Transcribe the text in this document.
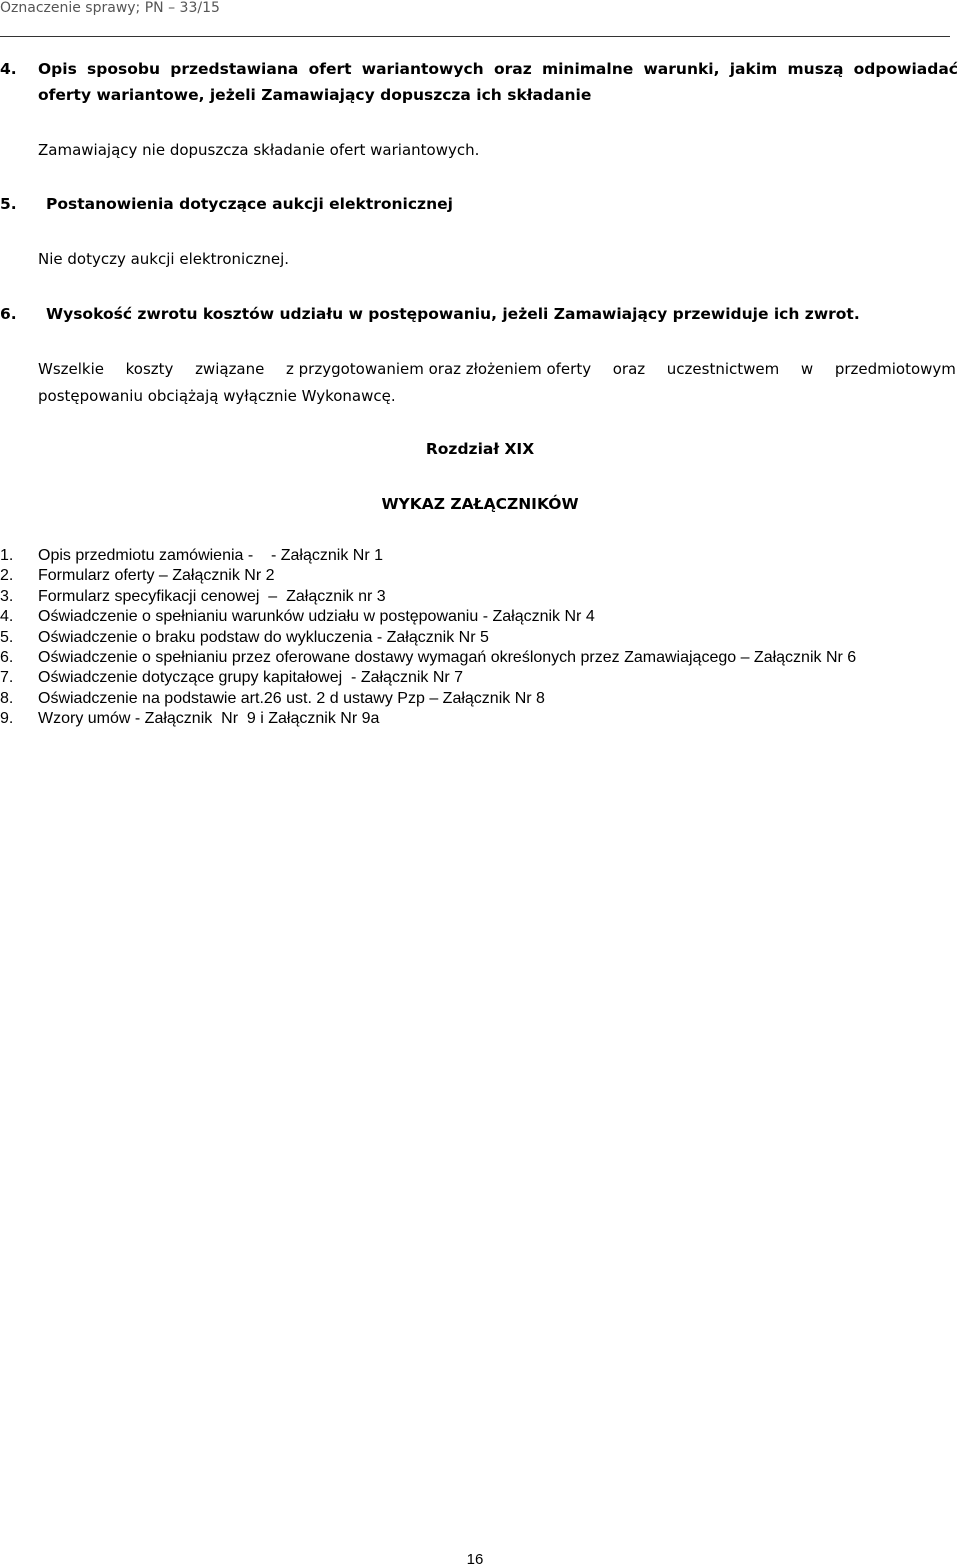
Oznaczenie sprawy; PN – 33/15
4.	Opis sposobu przedstawiana ofert wariantowych oraz minimalne warunki, jakim muszą odpowiadać
oferty wariantowe, jeżeli Zamawiający dopuszcza ich składanie
Zamawiający nie dopuszcza składanie ofert wariantowych.
5. Postanowienia dotyczące aukcji elektronicznej
Nie dotyczy aukcji elektronicznej.
6. Wysokość zwrotu kosztów udziału w postępowaniu, jeżeli Zamawiający przewiduje ich zwrot.
Wszelkie koszty związane z przygotowaniem oraz złożeniem oferty oraz uczestnictwem w przedmiotowym
postępowaniu obciążają wyłącznie Wykonawcę.
Rozdział XIX
WYKAZ ZAŁĄCZNIKÓW
1.	Opis przedmiotu zamówienia -    - Załącznik Nr 1
2.	Formularz oferty – Załącznik Nr 2
3.	Formularz specyfikacji cenowej  –  Załącznik nr 3
4.	Oświadczenie o spełnianiu warunków udziału w postępowaniu - Załącznik Nr 4
5.	Oświadczenie o braku podstaw do wykluczenia - Załącznik Nr 5
6.	Oświadczenie o spełnianiu przez oferowane dostawy wymagań określonych przez Zamawiającego – Załącznik Nr 6
7.	Oświadczenie dotyczące grupy kapitałowej  - Załącznik Nr 7
8.	Oświadczenie na podstawie art.26 ust. 2 d ustawy Pzp – Załącznik Nr 8
9.	Wzory umów - Załącznik  Nr  9 i Załącznik Nr 9a
16
